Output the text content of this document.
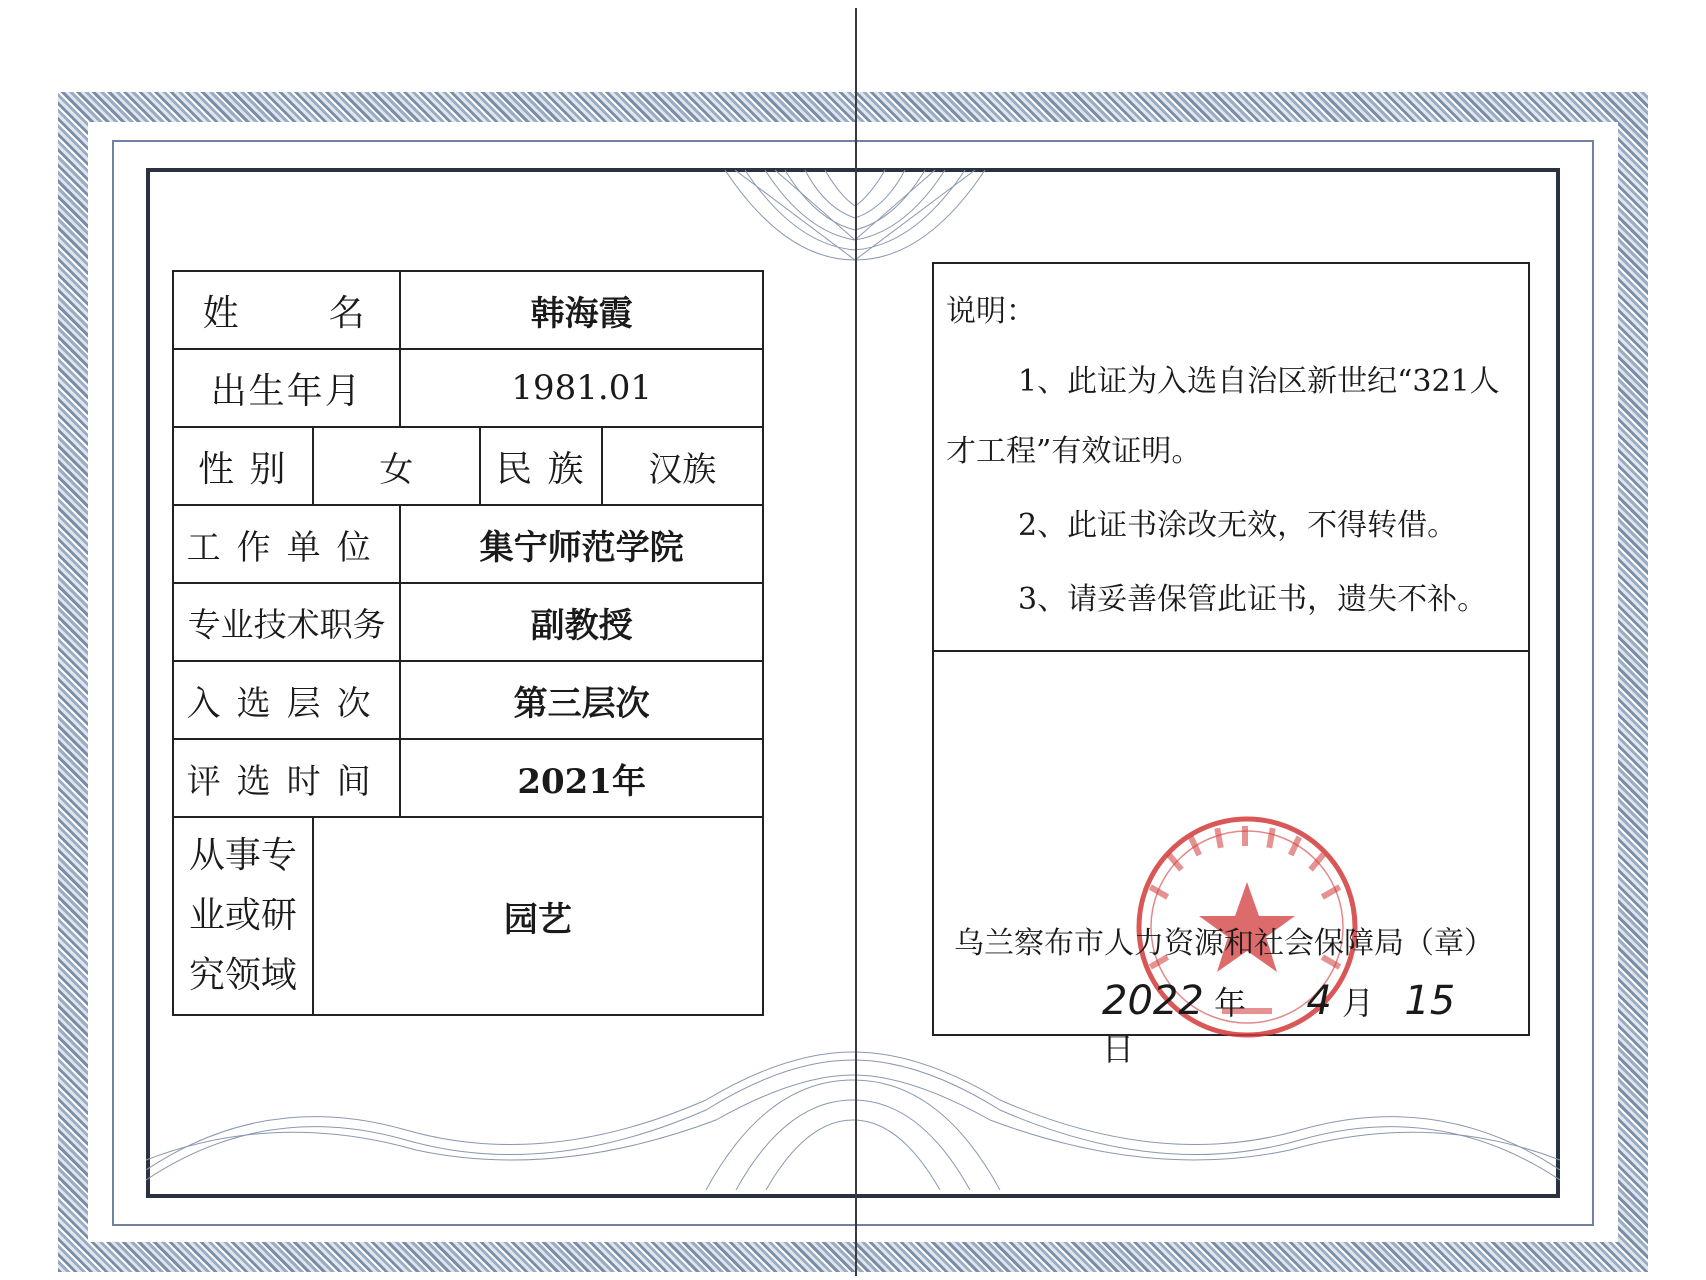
姓　　名		韩海霞		
出生年月		1981.01		
性 别	女		民 族	汉族
工作单位		集宁师范学院		
专业技术职务		副教授		
入选层次		第三层次		
评选时间		2021年		

从事专
业或研
究领域	园艺			
说明：
1、此证为入选自治区新世纪“321人
才工程”有效证明。
2、此证书涂改无效，不得转借。
3、请妥善保管此证书，遗失不补。
乌兰察布市人力资源和社会保障局（章）
2022 年 4 月 15  日
